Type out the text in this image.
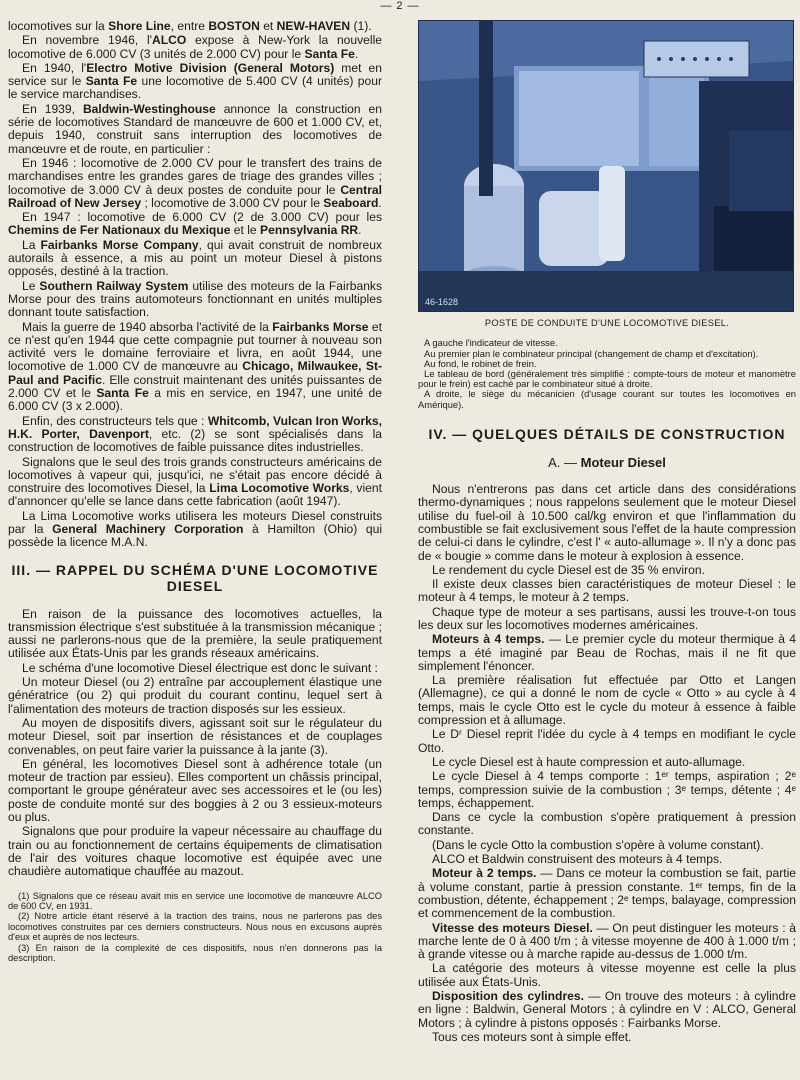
— 2 —

locomotives sur la Shore Line, entre BOSTON et NEW-HAVEN (1).

En novembre 1946, l'ALCO expose à New-York la nouvelle locomotive de 6.000 CV (3 unités de 2.000 CV) pour le Santa Fe.

En 1940, l'Electro Motive Division (General Motors) met en service sur le Santa Fe une locomotive de 5.400 CV (4 unités) pour le service marchandises.

En 1939, Baldwin-Westinghouse annonce la construction en série de locomotives Standard de manœuvre de 600 et 1.000 CV, et, depuis 1940, construit sans interruption des locomotives de manœuvre et de route, en particulier :

En 1946 : locomotive de 2.000 CV pour le transfert des trains de marchandises entre les grandes gares de triage des grandes villes ; locomotive de 3.000 CV à deux postes de conduite pour le Central Railroad of New Jersey ; locomotive de 3.000 CV pour le Seaboard.

En 1947 : locomotive de 6.000 CV (2 de 3.000 CV) pour les Chemins de Fer Nationaux du Mexique et le Pennsylvania RR.

La Fairbanks Morse Company, qui avait construit de nombreux autorails à essence, a mis au point un moteur Diesel à pistons opposés, destiné à la traction.

Le Southern Railway System utilise des moteurs de la Fairbanks Morse pour des trains automoteurs fonctionnant en unités multiples donnant toute satisfaction.

Mais la guerre de 1940 absorba l'activité de la Fairbanks Morse et ce n'est qu'en 1944 que cette compagnie put tourner à nouveau son activité vers le domaine ferroviaire et livra, en août 1944, une locomotive de 1.000 CV de manœuvre au Chicago, Milwaukee, St-Paul and Pacific. Elle construit maintenant des unités puissantes de 2.000 CV et le Santa Fe a mis en service, en 1947, une unité de 6.000 CV (3 x 2.000).

Enfin, des constructeurs tels que : Whitcomb, Vulcan Iron Works, H.K. Porter, Davenport, etc. (2) se sont spécialisés dans la construction de locomotives de faible puissance dites industrielles.

Signalons que le seul des trois grands constructeurs américains de locomotives à vapeur qui, jusqu'ici, ne s'était pas encore décidé à construire des locomotives Diesel, la Lima Locomotive Works, vient d'annoncer qu'elle se lance dans cette fabrication (août 1947).

La Lima Locomotive works utilisera les moteurs Diesel construits par la General Machinery Corporation à Hamilton (Ohio) qui possède la licence M.A.N.

III. — RAPPEL DU SCHÉMA D'UNE LOCOMOTIVE DIESEL

En raison de la puissance des locomotives actuelles, la transmission électrique s'est substituée à la transmission mécanique ; aussi ne parlerons-nous que de la première, la seule pratiquement utilisée aux États-Unis par les grands réseaux américains.

Le schéma d'une locomotive Diesel électrique est donc le suivant :

Un moteur Diesel (ou 2) entraîne par accouplement élastique une génératrice (ou 2) qui produit du courant continu, lequel sert à l'alimentation des moteurs de traction disposés sur les essieux.

Au moyen de dispositifs divers, agissant soit sur le régulateur du moteur Diesel, soit par insertion de résistances et de couplages convenables, on peut faire varier la puissance à la jante (3).

En général, les locomotives Diesel sont à adhérence totale (un moteur de traction par essieu). Elles comportent un châssis principal, comportant le groupe générateur avec ses accessoires et le (ou les) poste de conduite monté sur des boggies à 2 ou 3 essieux-moteurs ou plus.

Signalons que pour produire la vapeur nécessaire au chauffage du train ou au fonctionnement de certains équipements de climatisation de l'air des voitures chaque locomotive est équipée avec une chaudière automatique chauffée au mazout.

(1) Signalons que ce réseau avait mis en service une locomotive de manœuvre ALCO de 600 CV, en 1931.
(2) Notre article étant réservé à la traction des trains, nous ne parlerons pas des locomotives construites par ces derniers constructeurs. Nous nous en excusons auprès d'eux et auprès de nos lecteurs.
(3) En raison de la complexité de ces dispositifs, nous n'en donnerons pas la description.
46-1628
POSTE DE CONDUITE D'UNE LOCOMOTIVE DIESEL.
A gauche l'indicateur de vitesse.
Au premier plan le combinateur principal (changement de champ et d'excitation).
Au fond, le robinet de frein.
Le tableau de bord (généralement très simplifié : compte-tours de moteur et manomètre pour le frein) est caché par le combinateur situé à droite.
A droite, le siège du mécanicien (d'usage courant sur toutes les locomotives en Amérique).
IV. — QUELQUES DÉTAILS DE CONSTRUCTION
A. — Moteur Diesel

Nous n'entrerons pas dans cet article dans des considérations thermo-dynamiques ; nous rappelons seulement que le moteur Diesel utilise du fuel-oil à 10.500 cal/kg environ et que l'inflammation du combustible se fait exclusivement sous l'effet de la haute compression de celui-ci dans le cylindre, c'est l' « auto-allumage ». Il n'y a donc pas de « bougie » comme dans le moteur à explosion à essence.

Le rendement du cycle Diesel est de 35 % environ.

Il existe deux classes bien caractéristiques de moteur Diesel : le moteur à 4 temps, le moteur à 2 temps.

Chaque type de moteur a ses partisans, aussi les trouve-t-on tous les deux sur les locomotives modernes américaines.

Moteurs à 4 temps. — Le premier cycle du moteur thermique à 4 temps a été imaginé par Beau de Rochas, mais il ne fit que simplement l'énoncer.

La première réalisation fut effectuée par Otto et Langen (Allemagne), ce qui a donné le nom de cycle « Otto » au cycle à 4 temps, mais le cycle Otto est le cycle du moteur à essence à faible compression et à allumage.

Le Dʳ Diesel reprit l'idée du cycle à 4 temps en modifiant le cycle Otto.

Le cycle Diesel est à haute compression et auto-allumage.

Le cycle Diesel à 4 temps comporte : 1ᵉʳ temps, aspiration ; 2ᵉ temps, compression suivie de la combustion ; 3ᵉ temps, détente ; 4ᵉ temps, échappement.

Dans ce cycle la combustion s'opère pratiquement à pression constante.

(Dans le cycle Otto la combustion s'opère à volume constant).

ALCO et Baldwin construisent des moteurs à 4 temps.

Moteur à 2 temps. — Dans ce moteur la combustion se fait, partie à volume constant, partie à pression constante. 1ᵉʳ temps, fin de la combustion, détente, échappement ; 2ᵉ temps, balayage, compression et commencement de la combustion.

Vitesse des moteurs Diesel. — On peut distinguer les moteurs : à marche lente de 0 à 400 t/m ; à vitesse moyenne de 400 à 1.000 t/m ; à grande vitesse ou à marche rapide au-dessus de 1.000 t/m.

La catégorie des moteurs à vitesse moyenne est celle la plus utilisée aux États-Unis.

Disposition des cylindres. — On trouve des moteurs : à cylindre en ligne : Baldwin, General Motors ; à cylindre en V : ALCO, General Motors ; à cylindre à pistons opposés : Fairbanks Morse.

Tous ces moteurs sont à simple effet.
